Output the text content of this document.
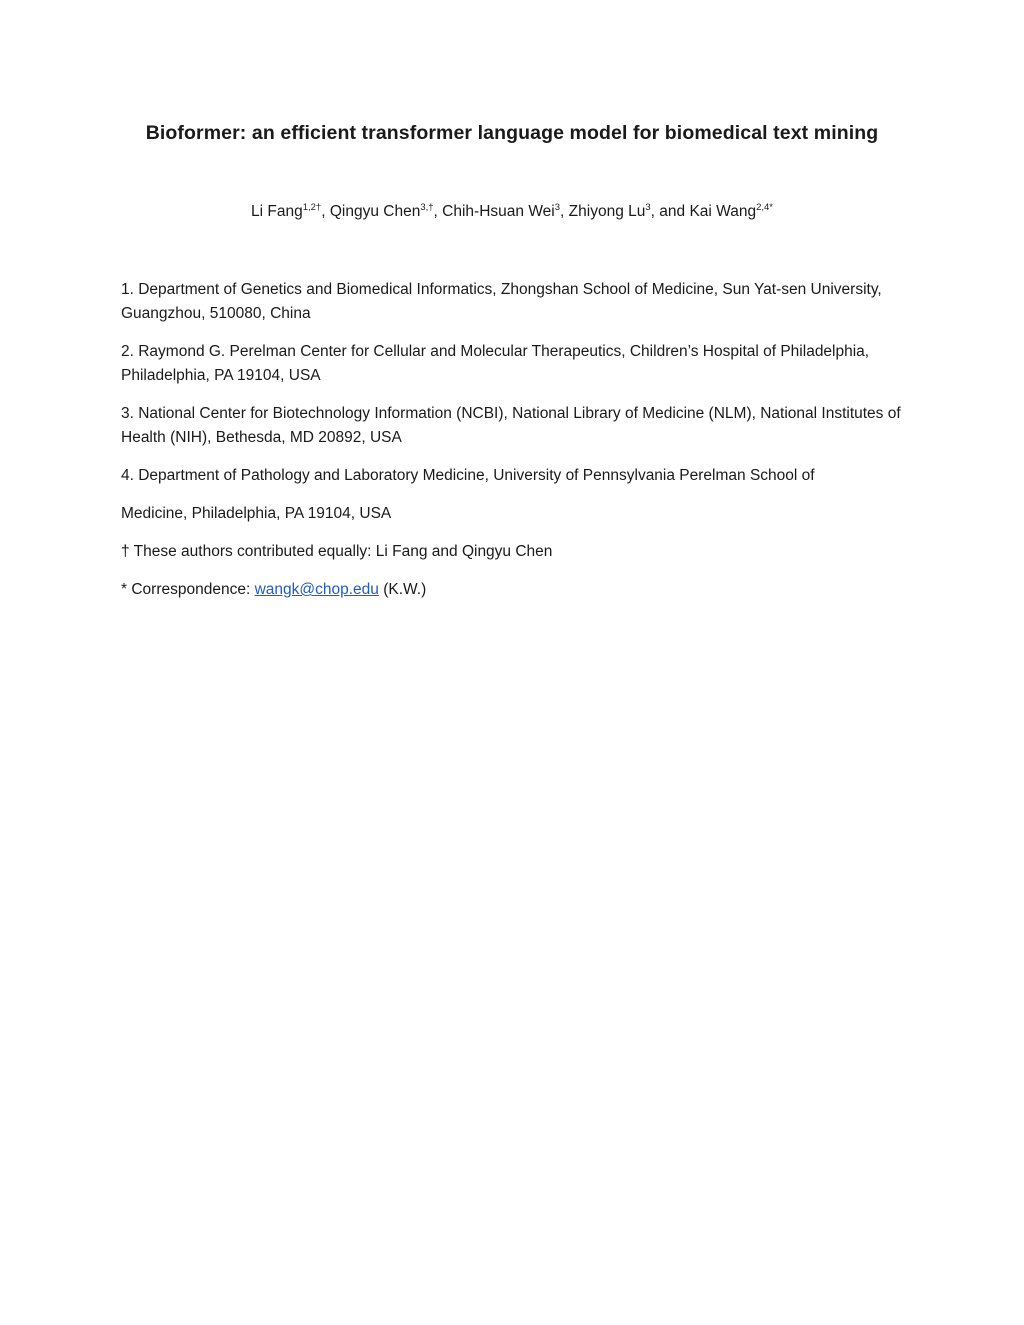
Bioformer: an efficient transformer language model for biomedical text mining
Li Fang$^{1,2\dagger}$, Qingyu Chen$^{3,\dagger}$, Chih-Hsuan Wei$^3$, Zhiyong Lu$^3$, and Kai Wang$^{2,4*}$

1. Department of Genetics and Biomedical Informatics, Zhongshan School of Medicine, Sun Yat-sen University, Guangzhou, 510080, China

2. Raymond G. Perelman Center for Cellular and Molecular Therapeutics, Children’s Hospital of Philadelphia, Philadelphia, PA 19104, USA

3. National Center for Biotechnology Information (NCBI), National Library of Medicine (NLM), National Institutes of Health (NIH), Bethesda, MD 20892, USA

4. Department of Pathology and Laboratory Medicine, University of Pennsylvania Perelman School of
Medicine, Philadelphia, PA 19104, USA

† These authors contributed equally: Li Fang and Qingyu Chen

* Correspondence: wangk@chop.edu (K.W.)
